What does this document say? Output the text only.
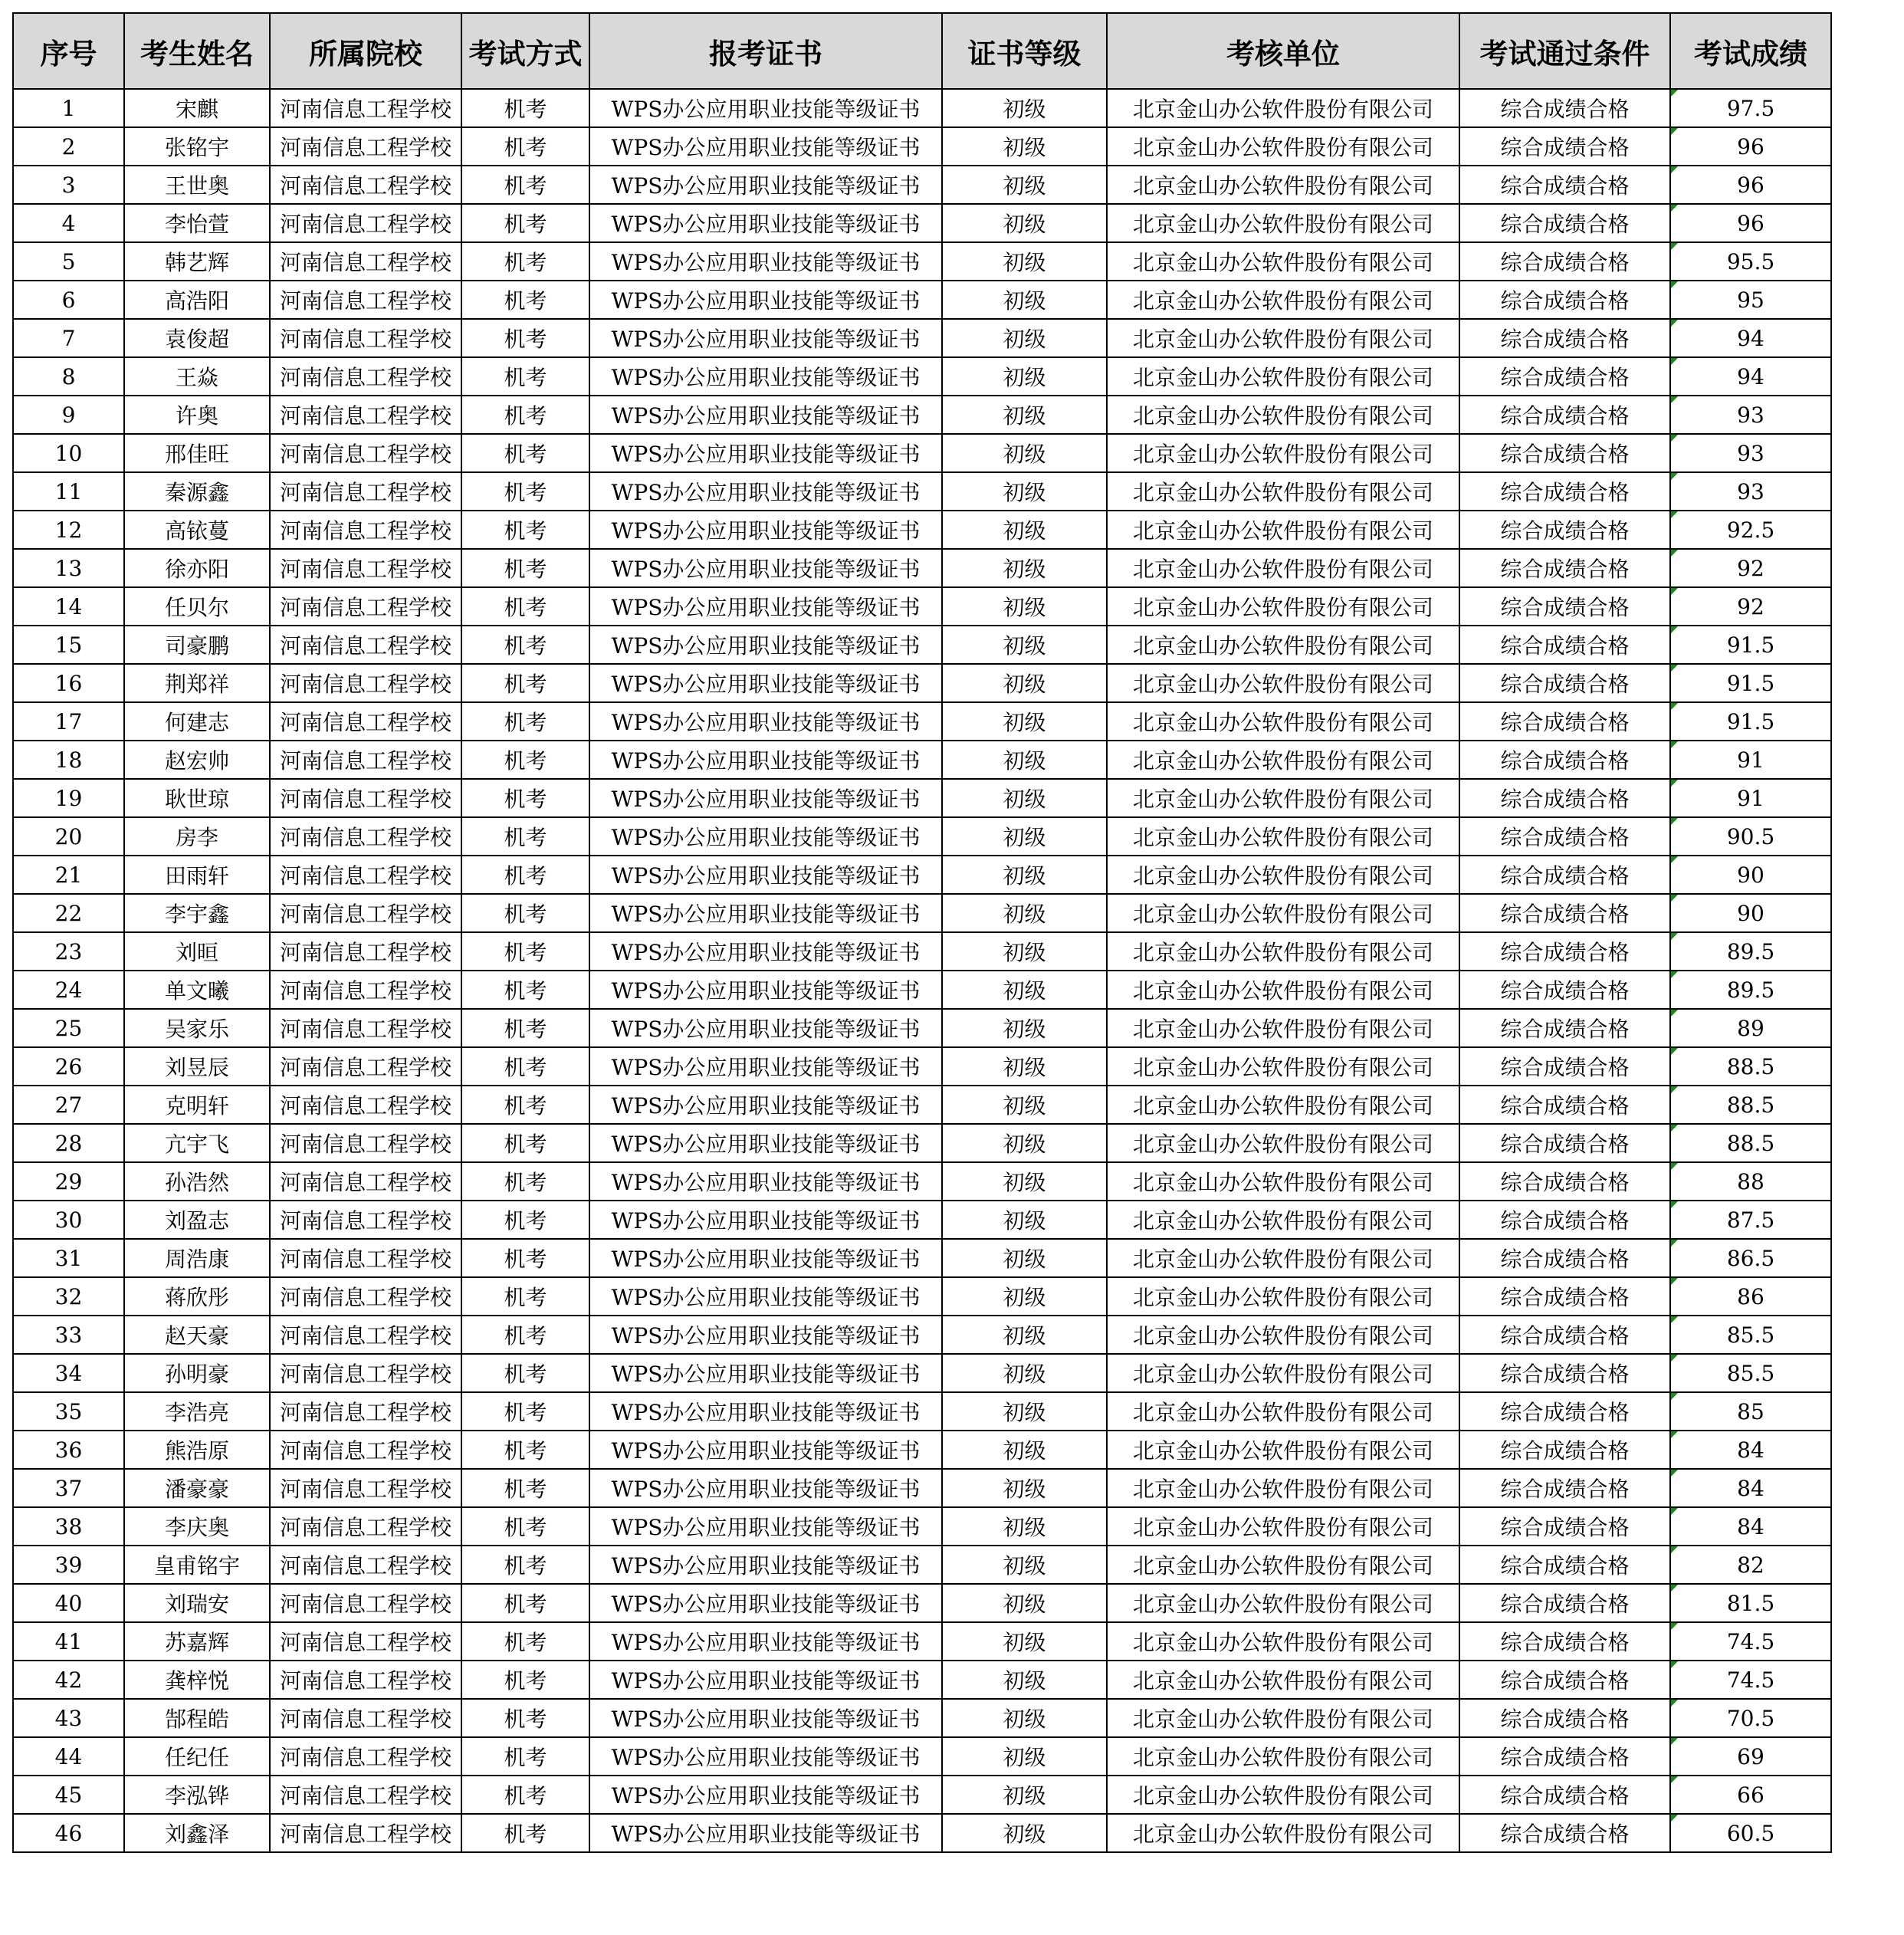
序号	考生姓名	所属院校	考试方式	报考证书	证书等级	考核单位	考试通过条件	考试成绩
1	宋麒	河南信息工程学校	机考	WPS办公应用职业技能等级证书	初级	北京金山办公软件股份有限公司	综合成绩合格	97.5
2	张铭宇	河南信息工程学校	机考	WPS办公应用职业技能等级证书	初级	北京金山办公软件股份有限公司	综合成绩合格	96
3	王世奥	河南信息工程学校	机考	WPS办公应用职业技能等级证书	初级	北京金山办公软件股份有限公司	综合成绩合格	96
4	李怡萱	河南信息工程学校	机考	WPS办公应用职业技能等级证书	初级	北京金山办公软件股份有限公司	综合成绩合格	96
5	韩艺辉	河南信息工程学校	机考	WPS办公应用职业技能等级证书	初级	北京金山办公软件股份有限公司	综合成绩合格	95.5
6	高浩阳	河南信息工程学校	机考	WPS办公应用职业技能等级证书	初级	北京金山办公软件股份有限公司	综合成绩合格	95
7	袁俊超	河南信息工程学校	机考	WPS办公应用职业技能等级证书	初级	北京金山办公软件股份有限公司	综合成绩合格	94
8	王焱	河南信息工程学校	机考	WPS办公应用职业技能等级证书	初级	北京金山办公软件股份有限公司	综合成绩合格	94
9	许奥	河南信息工程学校	机考	WPS办公应用职业技能等级证书	初级	北京金山办公软件股份有限公司	综合成绩合格	93
10	邢佳旺	河南信息工程学校	机考	WPS办公应用职业技能等级证书	初级	北京金山办公软件股份有限公司	综合成绩合格	93
11	秦源鑫	河南信息工程学校	机考	WPS办公应用职业技能等级证书	初级	北京金山办公软件股份有限公司	综合成绩合格	93
12	高铱蔓	河南信息工程学校	机考	WPS办公应用职业技能等级证书	初级	北京金山办公软件股份有限公司	综合成绩合格	92.5
13	徐亦阳	河南信息工程学校	机考	WPS办公应用职业技能等级证书	初级	北京金山办公软件股份有限公司	综合成绩合格	92
14	任贝尔	河南信息工程学校	机考	WPS办公应用职业技能等级证书	初级	北京金山办公软件股份有限公司	综合成绩合格	92
15	司豪鹏	河南信息工程学校	机考	WPS办公应用职业技能等级证书	初级	北京金山办公软件股份有限公司	综合成绩合格	91.5
16	荆郑祥	河南信息工程学校	机考	WPS办公应用职业技能等级证书	初级	北京金山办公软件股份有限公司	综合成绩合格	91.5
17	何建志	河南信息工程学校	机考	WPS办公应用职业技能等级证书	初级	北京金山办公软件股份有限公司	综合成绩合格	91.5
18	赵宏帅	河南信息工程学校	机考	WPS办公应用职业技能等级证书	初级	北京金山办公软件股份有限公司	综合成绩合格	91
19	耿世琼	河南信息工程学校	机考	WPS办公应用职业技能等级证书	初级	北京金山办公软件股份有限公司	综合成绩合格	91
20	房李	河南信息工程学校	机考	WPS办公应用职业技能等级证书	初级	北京金山办公软件股份有限公司	综合成绩合格	90.5
21	田雨轩	河南信息工程学校	机考	WPS办公应用职业技能等级证书	初级	北京金山办公软件股份有限公司	综合成绩合格	90
22	李宇鑫	河南信息工程学校	机考	WPS办公应用职业技能等级证书	初级	北京金山办公软件股份有限公司	综合成绩合格	90
23	刘晅	河南信息工程学校	机考	WPS办公应用职业技能等级证书	初级	北京金山办公软件股份有限公司	综合成绩合格	89.5
24	单文曦	河南信息工程学校	机考	WPS办公应用职业技能等级证书	初级	北京金山办公软件股份有限公司	综合成绩合格	89.5
25	吴家乐	河南信息工程学校	机考	WPS办公应用职业技能等级证书	初级	北京金山办公软件股份有限公司	综合成绩合格	89
26	刘昱辰	河南信息工程学校	机考	WPS办公应用职业技能等级证书	初级	北京金山办公软件股份有限公司	综合成绩合格	88.5
27	克明轩	河南信息工程学校	机考	WPS办公应用职业技能等级证书	初级	北京金山办公软件股份有限公司	综合成绩合格	88.5
28	亢宇飞	河南信息工程学校	机考	WPS办公应用职业技能等级证书	初级	北京金山办公软件股份有限公司	综合成绩合格	88.5
29	孙浩然	河南信息工程学校	机考	WPS办公应用职业技能等级证书	初级	北京金山办公软件股份有限公司	综合成绩合格	88
30	刘盈志	河南信息工程学校	机考	WPS办公应用职业技能等级证书	初级	北京金山办公软件股份有限公司	综合成绩合格	87.5
31	周浩康	河南信息工程学校	机考	WPS办公应用职业技能等级证书	初级	北京金山办公软件股份有限公司	综合成绩合格	86.5
32	蒋欣彤	河南信息工程学校	机考	WPS办公应用职业技能等级证书	初级	北京金山办公软件股份有限公司	综合成绩合格	86
33	赵天豪	河南信息工程学校	机考	WPS办公应用职业技能等级证书	初级	北京金山办公软件股份有限公司	综合成绩合格	85.5
34	孙明豪	河南信息工程学校	机考	WPS办公应用职业技能等级证书	初级	北京金山办公软件股份有限公司	综合成绩合格	85.5
35	李浩亮	河南信息工程学校	机考	WPS办公应用职业技能等级证书	初级	北京金山办公软件股份有限公司	综合成绩合格	85
36	熊浩原	河南信息工程学校	机考	WPS办公应用职业技能等级证书	初级	北京金山办公软件股份有限公司	综合成绩合格	84
37	潘豪豪	河南信息工程学校	机考	WPS办公应用职业技能等级证书	初级	北京金山办公软件股份有限公司	综合成绩合格	84
38	李庆奥	河南信息工程学校	机考	WPS办公应用职业技能等级证书	初级	北京金山办公软件股份有限公司	综合成绩合格	84
39	皇甫铭宇	河南信息工程学校	机考	WPS办公应用职业技能等级证书	初级	北京金山办公软件股份有限公司	综合成绩合格	82
40	刘瑞安	河南信息工程学校	机考	WPS办公应用职业技能等级证书	初级	北京金山办公软件股份有限公司	综合成绩合格	81.5
41	苏嘉辉	河南信息工程学校	机考	WPS办公应用职业技能等级证书	初级	北京金山办公软件股份有限公司	综合成绩合格	74.5
42	龚梓悦	河南信息工程学校	机考	WPS办公应用职业技能等级证书	初级	北京金山办公软件股份有限公司	综合成绩合格	74.5
43	郜程皓	河南信息工程学校	机考	WPS办公应用职业技能等级证书	初级	北京金山办公软件股份有限公司	综合成绩合格	70.5
44	任纪任	河南信息工程学校	机考	WPS办公应用职业技能等级证书	初级	北京金山办公软件股份有限公司	综合成绩合格	69
45	李泓铧	河南信息工程学校	机考	WPS办公应用职业技能等级证书	初级	北京金山办公软件股份有限公司	综合成绩合格	66
46	刘鑫泽	河南信息工程学校	机考	WPS办公应用职业技能等级证书	初级	北京金山办公软件股份有限公司	综合成绩合格	60.5
